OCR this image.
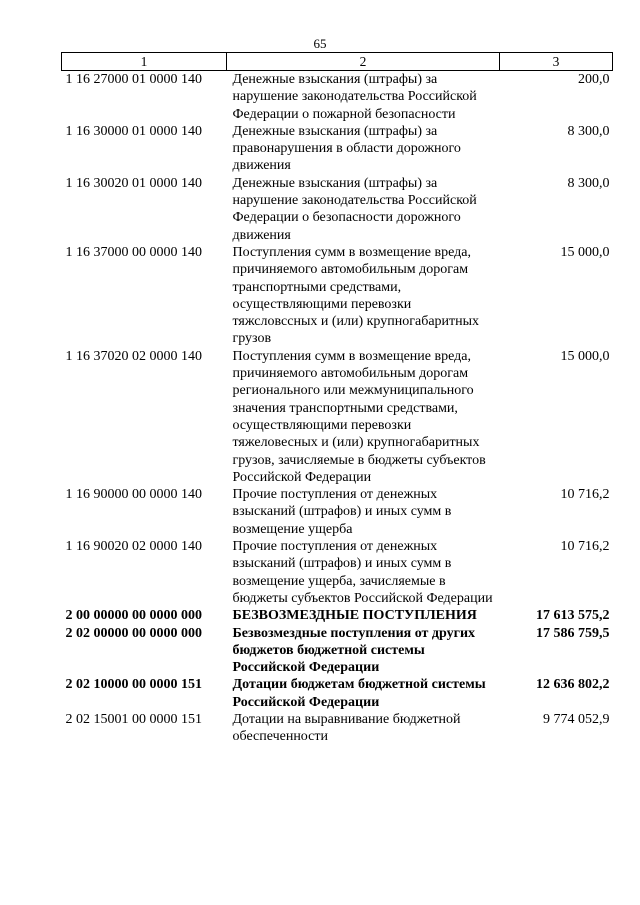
65
1	2	3
1 16 27000 01 0000 140	Денежные взыскания (штрафы) за нарушение законодательства Российской Федерации о пожарной безопасности	200,0
1 16 30000 01 0000 140	Денежные взыскания (штрафы) за правонарушения в области дорожного движения	8 300,0
1 16 30020 01 0000 140	Денежные взыскания (штрафы) за нарушение законодательства Российской Федерации о безопасности дорожного движения	8 300,0
1 16 37000 00 0000 140	Поступления сумм в возмещение вреда, причиняемого автомобильным дорогам транспортными средствами, осуществляющими перевозки тяжсловссных и (или) крупногабаритных грузов	15 000,0
1 16 37020 02 0000 140	Поступления сумм в возмещение вреда, причиняемого автомобильным дорогам регионального или межмуниципального значения транспортными средствами, осуществляющими перевозки тяжеловесных и (или) крупногабаритных грузов, зачисляемые в бюджеты субъектов Российской Федерации	15 000,0
1 16 90000 00 0000 140	Прочие поступления от денежных взысканий (штрафов) и иных сумм в возмещение ущерба	10 716,2
1 16 90020 02 0000 140	Прочие поступления от денежных взысканий (штрафов) и иных сумм в возмещение ущерба, зачисляемые в бюджеты субъектов Российской Федерации	10 716,2
2 00 00000 00 0000 000	БЕЗВОЗМЕЗДНЫЕ ПОСТУПЛЕНИЯ	17 613 575,2
2 02 00000 00 0000 000	Безвозмездные поступления от других бюджетов бюджетной системы Российской Федерации	17 586 759,5
2 02 10000 00 0000 151	Дотации бюджетам бюджетной системы Российской Федерации	12 636 802,2
2 02 15001 00 0000 151	Дотации на выравнивание бюджетной обеспеченности	9 774 052,9
